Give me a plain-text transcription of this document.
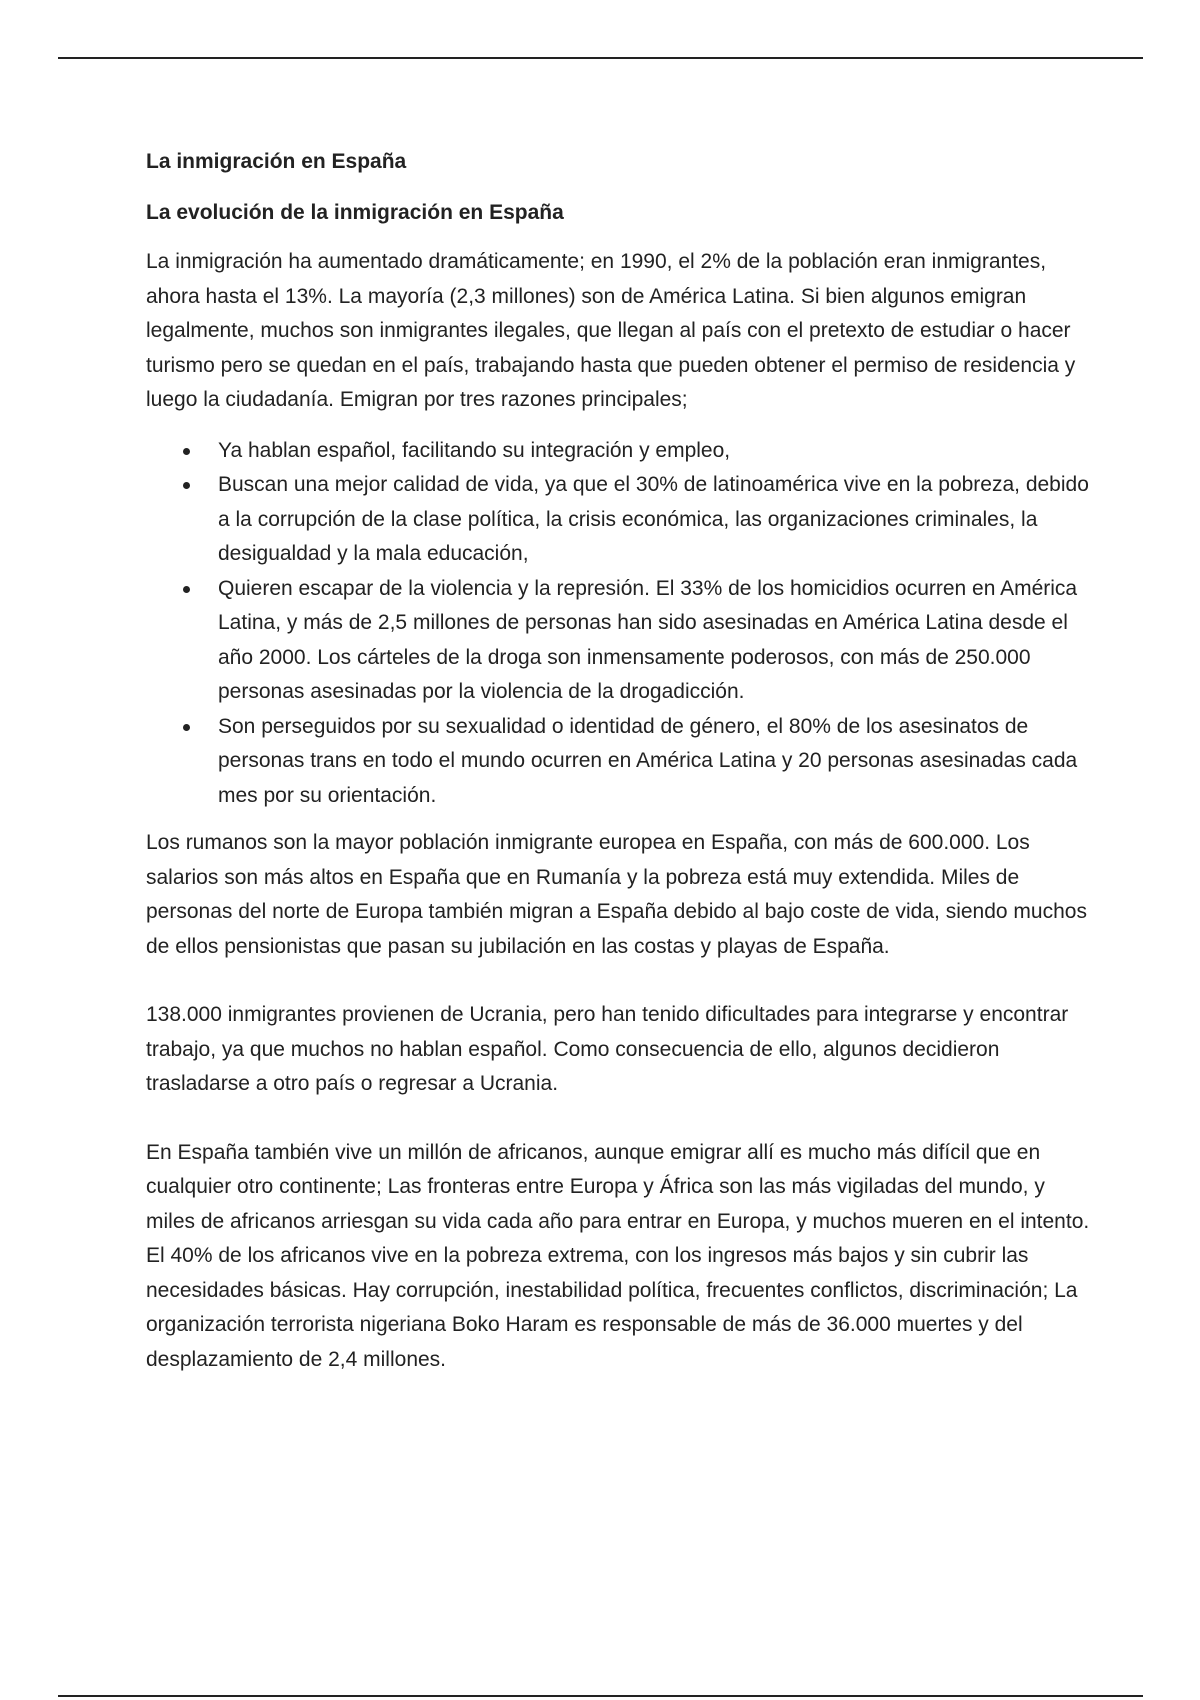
La inmigración en España

La evolución de la inmigración en España

La inmigración ha aumentado dramáticamente; en 1990, el 2% de la población eran inmigrantes, ahora hasta el 13%. La mayoría (2,3 millones) son de América Latina. Si bien algunos emigran legalmente, muchos son inmigrantes ilegales, que llegan al país con el pretexto de estudiar o hacer turismo pero se quedan en el país, trabajando hasta que pueden obtener el permiso de residencia y luego la ciudadanía. Emigran por tres razones principales;

Ya hablan español, facilitando su integración y empleo,
Buscan una mejor calidad de vida, ya que el 30% de latinoamérica vive en la pobreza, debido a la corrupción de la clase política, la crisis económica, las organizaciones criminales, la desigualdad y la mala educación,
Quieren escapar de la violencia y la represión. El 33% de los homicidios ocurren en América Latina, y más de 2,5 millones de personas han sido asesinadas en América Latina desde el año 2000. Los cárteles de la droga son inmensamente poderosos, con más de 250.000 personas asesinadas por la violencia de la drogadicción.
Son perseguidos por su sexualidad o identidad de género, el 80% de los asesinatos de personas trans en todo el mundo ocurren en América Latina y 20 personas asesinadas cada mes por su orientación.

Los rumanos son la mayor población inmigrante europea en España, con más de 600.000. Los salarios son más altos en España que en Rumanía y la pobreza está muy extendida. Miles de personas del norte de Europa también migran a España debido al bajo coste de vida, siendo muchos de ellos pensionistas que pasan su jubilación en las costas y playas de España.

138.000 inmigrantes provienen de Ucrania, pero han tenido dificultades para integrarse y encontrar trabajo, ya que muchos no hablan español. Como consecuencia de ello, algunos decidieron trasladarse a otro país o regresar a Ucrania.

En España también vive un millón de africanos, aunque emigrar allí es mucho más difícil que en cualquier otro continente; Las fronteras entre Europa y África son las más vigiladas del mundo, y miles de africanos arriesgan su vida cada año para entrar en Europa, y muchos mueren en el intento. El 40% de los africanos vive en la pobreza extrema, con los ingresos más bajos y sin cubrir las necesidades básicas. Hay corrupción, inestabilidad política, frecuentes conflictos, discriminación; La organización terrorista nigeriana Boko Haram es responsable de más de 36.000 muertes y del desplazamiento de 2,4 millones.
